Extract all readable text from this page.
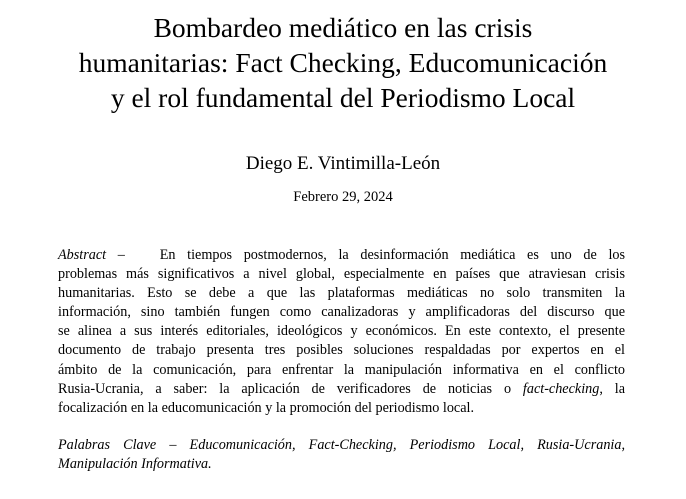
Bombardeo mediático en las crisis
humanitarias: Fact Checking, Educomunicación
y el rol fundamental del Periodismo Local
Diego E. Vintimilla-León
Febrero 29, 2024
Abstract – En tiempos postmodernos, la desinformación mediática es uno de los
problemas más significativos a nivel global, especialmente en países que atraviesan crisis
humanitarias. Esto se debe a que las plataformas mediáticas no solo transmiten la
información, sino también fungen como canalizadoras y amplificadoras del discurso que
se alinea a sus interés editoriales, ideológicos y económicos. En este contexto, el presente
documento de trabajo presenta tres posibles soluciones respaldadas por expertos en el
ámbito de la comunicación, para enfrentar la manipulación informativa en el conflicto
Rusia-Ucrania, a saber: la aplicación de verificadores de noticias o fact-checking, la
focalización en la educomunicación y la promoción del periodismo local.
Palabras Clave – Educomunicación, Fact-Checking, Periodismo Local, Rusia-Ucrania,
Manipulación Informativa.
